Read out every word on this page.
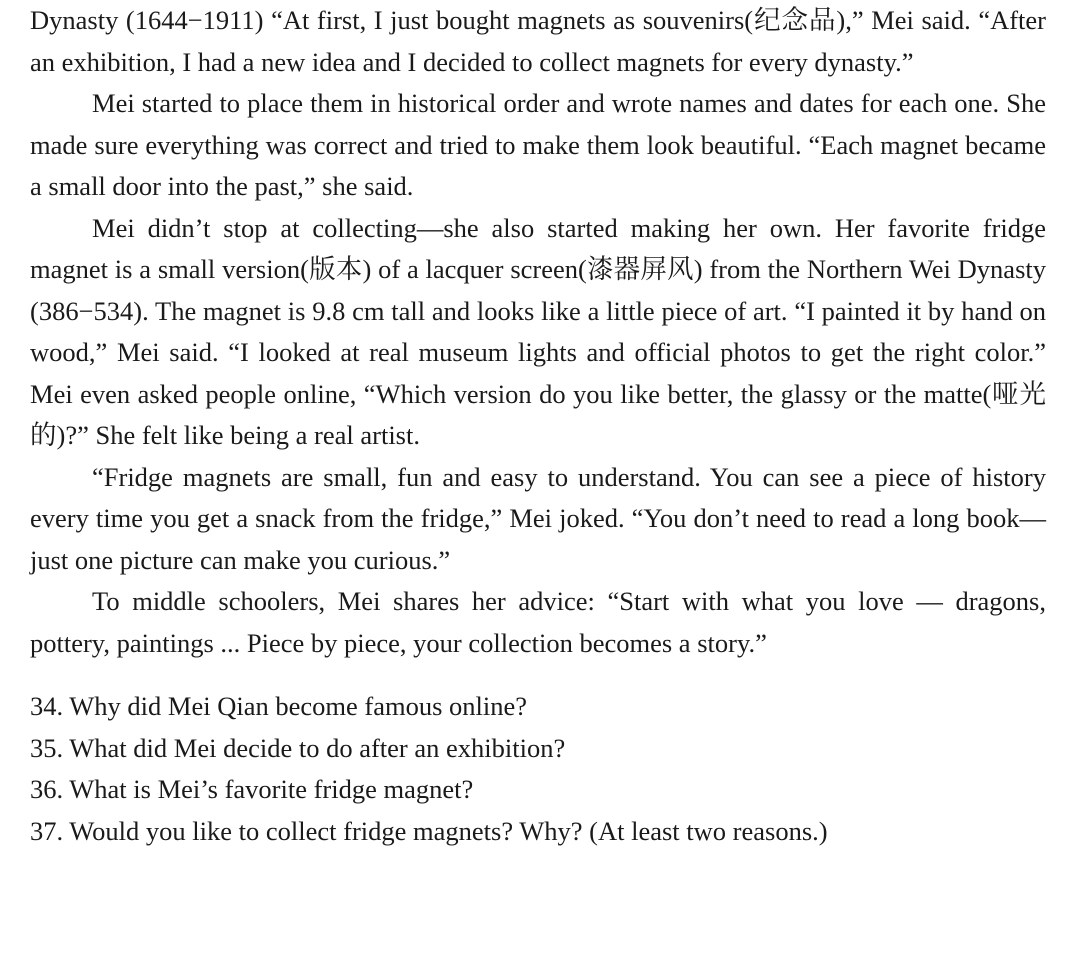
Dynasty (1644−1911) “At first, I just bought magnets as souvenirs(纪念品),” Mei said. “After an exhibition, I had a new idea and I decided to collect magnets for every dynasty.”

Mei started to place them in historical order and wrote names and dates for each one. She made sure everything was correct and tried to make them look beautiful. “Each magnet became a small door into the past,” she said.

Mei didn’t stop at collecting—she also started making her own. Her favorite fridge magnet is a small version(版本) of a lacquer screen(漆器屏风) from the Northern Wei Dynasty (386−534). The magnet is 9.8 cm tall and looks like a little piece of art. “I painted it by hand on wood,” Mei said. “I looked at real museum lights and official photos to get the right color.” Mei even asked people online, “Which version do you like better, the glassy or the matte(哑光的)?” She felt like being a real artist.

“Fridge magnets are small, fun and easy to understand. You can see a piece of history every time you get a snack from the fridge,” Mei joked. “You don’t need to read a long book—just one picture can make you curious.”

To middle schoolers, Mei shares her advice: “Start with what you love — dragons, pottery, paintings ... Piece by piece, your collection becomes a story.”

34. Why did Mei Qian become famous online?

35. What did Mei decide to do after an exhibition?

36. What is Mei’s favorite fridge magnet?

37. Would you like to collect fridge magnets? Why? (At least two reasons.)
